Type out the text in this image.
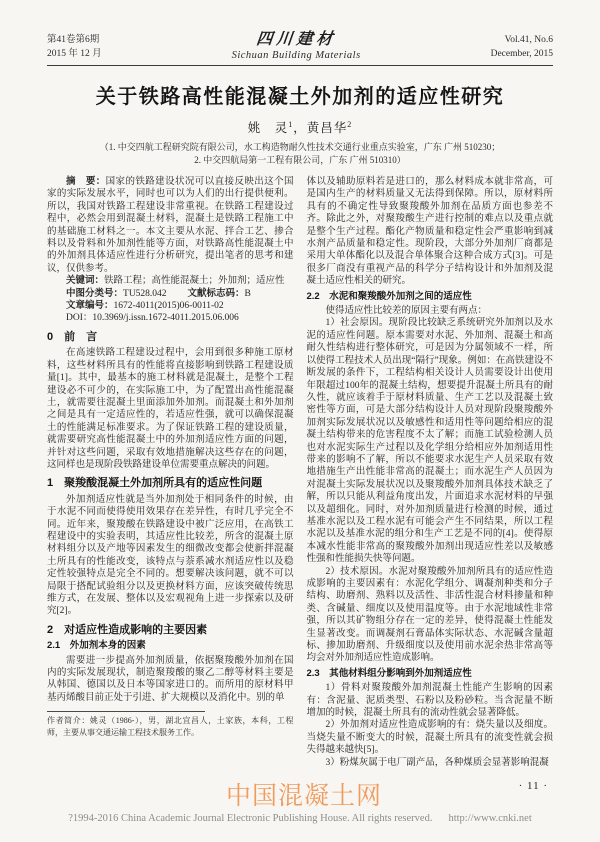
第41卷第6期
2015 年 12 月
四川建材
Sichuan Building Materials
Vol.41, No.6
December, 2015
关于铁路高性能混凝土外加剂的适应性研究
姚　灵$^1$，黄昌华$^2$
（1. 中交四航工程研究院有限公司，水工构造物耐久性技术交通行业重点实验室，广东 广州 510230；
2. 中交四航局第一工程有限公司，广东 广州 510310）

摘　要：国家的铁路建设状况可以直接反映出这个国家的实际发展水平，同时也可以为人们的出行提供便利。所以，我国对铁路工程建设非常重视。在铁路工程建设过程中，必然会用到混凝土材料，混凝土是铁路工程施工中的基础施工材料之一。本文主要从水泥、拌合工艺、掺合料以及骨料和外加剂性能等方面，对铁路高性能混凝土中的外加剂具体适应性进行分析研究，提出笔者的思考和建议，仅供参考。

关键词：铁路工程；高性能混凝土；外加剂；适应性

中图分类号：TU528.042 文献标志码：B

文章编号：1672-4011(2015)06-0011-02

DOI：10.3969/j.issn.1672-4011.2015.06.006

0　前　言

在高速铁路工程建设过程中，会用到很多种施工原材料，这些材料所具有的性能将直接影响到铁路工程建设质量[1]。其中，最基本的施工材料就是混凝土，是整个工程建设必不可少的，在实际施工中，为了配置出高性能混凝土，就需要往混凝土里面添加外加剂。而混凝土和外加剂之间是具有一定适应性的，若适应性强，就可以确保混凝土的性能满足标准要求。为了保证铁路工程的建设质量，就需要研究高性能混凝土中的外加剂适应性方面的问题，并针对这些问题，采取有效地措施解决这些存在的问题，这同样也是现阶段铁路建设单位需要重点解决的问题。

1　聚羧酸混凝土外加剂所具有的适应性问题

外加剂适应性就是当外加剂处于相同条件的时候，由于水泥不同而使得使用效果存在差异性，有时几乎完全不同。近年来，聚羧酸在铁路建设中被广泛应用，在高铁工程建设中的实验表明，其适应性比较差，所含的混凝土原材料组分以及产地等因素发生的细微改变都会使新拌混凝土所具有的性能改变，该特点与萘系减水剂适应性以及稳定性较强特点是完全不同的。想要解决该问题，就不可以局限于搭配试验组分以及更换材料方面，应该突破传统思维方式，在发展、整体以及宏观视角上进一步探索以及研究[2]。

2　对适应性造成影响的主要因素
2.1　外加剂本身的因素

需要进一步提高外加剂质量，依据聚羧酸外加剂在国内的实际发展现状，制造聚羧酸的聚乙二醇等材料主要是从韩国、德国以及日本等国家进口的。而所用的原材料甲基丙烯酸目前正处于引进、扩大规模以及消化中。别的单

作者简介：姚灵（1986-），男，湖北宜昌人，土家族，本科，工程师，主要从事交通运输工程技术服务工作。

体以及辅助原料若是进口的，那么材料成本就非常高，可是国内生产的材料质量又无法得到保障。所以，原材料所具有的不确定性导致聚羧酸外加剂在品质方面也参差不齐。除此之外，对聚羧酸生产进行控制的难点以及重点就是整个生产过程。酯化产物质量和稳定性会严重影响到减水剂产品质量和稳定性。现阶段，大部分外加剂厂商都是采用大单体酯化以及混合单体聚合这种合成方式[3]。可是很多厂商没有重视产品的科学分子结构设计和外加剂及混凝土适应性相关的研究。

2.2　水泥和聚羧酸外加剂之间的适应性

使得适应性比较差的原因主要有两点：

1）社会原因。现阶段比较缺乏系统研究外加剂以及水泥的适应性问题。原本需要对水泥、外加剂、混凝土和高耐久性结构进行整体研究，可是因为分属领域不一样，所以使得工程技术人员出现“隔行”现象。例如：在高铁建设不断发展的条件下，工程结构相关设计人员需要设计出使用年限超过100年的混凝土结构，想要提升混凝土所具有的耐久性，就应该着手于原材料质量、生产工艺以及混凝土致密性等方面，可是大部分结构设计人员对现阶段聚羧酸外加剂实际发展状况以及敏感性和适用性等问题给相应的混凝土结构带来的危害程度不太了解；而施工试验检测人员也对水泥实际生产过程以及化学组分给相应外加剂适用性带来的影响不了解，所以不能要求水泥生产人员采取有效地措施生产出性能非常高的混凝土；而水泥生产人员因为对混凝土实际发展状况以及聚羧酸外加剂具体技术缺乏了解，所以只能从利益角度出发，片面追求水泥材料的早强以及超细化。同时，对外加剂质量进行检测的时候，通过基准水泥以及工程水泥有可能会产生不同结果，所以工程水泥以及基准水泥的组分和生产工艺是不同的[4]。使得原本减水性能非常高的聚羧酸外加剂出现适应性差以及敏感性强和性能损失快等问题。

2）技术原因。水泥对聚羧酸外加剂所具有的适应性造成影响的主要因素有：水泥化学组分、调凝剂种类和分子结构、助磨剂、熟料以及活性、非活性混合材料掺量和种类、含碱量、细度以及使用温度等。由于水泥地域性非常强，所以其矿物组分存在一定的差异，使得混凝土性能发生显著改变。而调凝剂石膏晶体实际状态、水泥碱含量超标、掺加助磨剂、升级细度以及使用前水泥余热非常高等均会对外加剂适应性造成影响。

2.3　其他材料组分影响到外加剂适应性

1）骨料对聚羧酸外加剂混凝土性能产生影响的因素有：含泥量、泥质类型、石粉以及粉砂粒。当含泥量不断增加的时候，混凝土所具有的流动性就会显著降低。

2）外加剂对适应性造成影响的有：烧失量以及细度。当烧失量不断变大的时候，混凝土所具有的流变性就会损失得越来越快[5]。

3）粉煤灰属于电厂副产品，各种煤质会显著影响混凝

· 11 ·
中国混凝土网
?1994-2016 China Academic Journal Electronic Publishing House. All rights reserved. http://www.cnki.net
